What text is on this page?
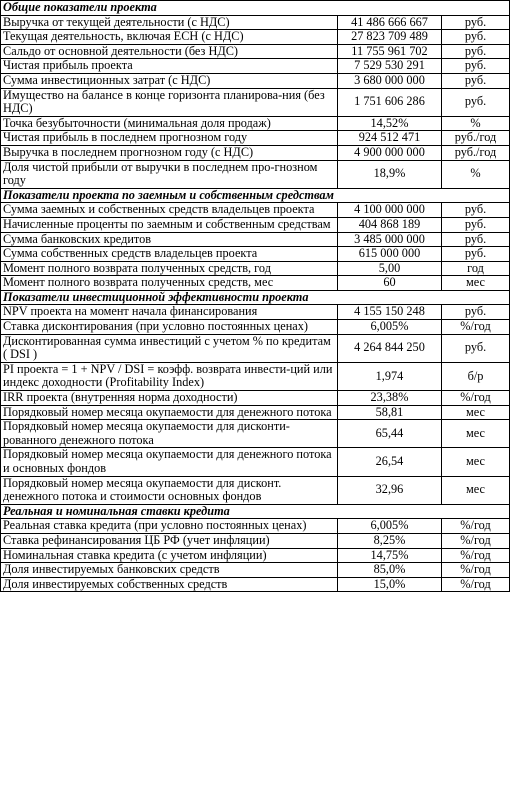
Общие показатели проекта		
Выручка от текущей деятельности (с НДС)	41 486 666 667	руб.
Текущая деятельность, включая ЕСН (с НДС)	27 823 709 489	руб.
Сальдо от основной деятельности (без НДС)	11 755 961 702	руб.
Чистая прибыль проекта	7 529 530 291	руб.
Сумма инвестиционных затрат (с НДС)	3 680 000 000	руб.
Имущество на балансе в конце горизонта планирова-ния (без НДС)	1 751 606 286	руб.
Точка безубыточности (минимальная доля продаж)	14,52%	%
Чистая прибыль в последнем прогнозном году	924 512 471	руб./год
Выручка в последнем прогнозном году (с НДС)	4 900 000 000	руб./год
Доля чистой прибыли от выручки в последнем про-гнозном году	18,9%	%
Показатели проекта по заемным и собственным средствам		
Сумма заемных и собственных средств владельцев проекта	4 100 000 000	руб.
Начисленные проценты по заемным и собственным средствам	404 868 189	руб.
Сумма банковских кредитов	3 485 000 000	руб.
Сумма собственных средств владельцев проекта	615 000 000	руб.
Момент полного возврата полученных средств, год	5,00	год
Момент полного возврата полученных средств, мес	60	мес
Показатели инвестиционной эффективности проекта		
NPV проекта на момент начала финансирования	4 155 150 248	руб.
Ставка дисконтирования (при условно постоянных ценах)	6,005%	%/год
Дисконтированная сумма инвестиций с учетом % по кредитам ( DSI )	4 264 844 250	руб.
PI проекта = 1 + NPV / DSI = коэфф. возврата инвести-ций или индекс доходности (Profitability Index)	1,974	б/р
IRR проекта (внутренняя норма доходности)	23,38%	%/год
Порядковый номер месяца окупаемости для денежного потока	58,81	мес
Порядковый номер месяца окупаемости для дисконти-рованного денежного потока	65,44	мес
Порядковый номер месяца окупаемости для денежного потока и основных фондов	26,54	мес
Порядковый номер месяца окупаемости для дисконт. денежного потока и стоимости основных фондов	32,96	мес
Реальная и номинальная ставки кредита		
Реальная ставка кредита (при условно постоянных ценах)	6,005%	%/год
Ставка рефинансирования ЦБ РФ (учет инфляции)	8,25%	%/год
Номинальная ставка кредита (с учетом инфляции)	14,75%	%/год
Доля инвестируемых банковских средств	85,0%	%/год
Доля инвестируемых собственных средств	15,0%	%/год
